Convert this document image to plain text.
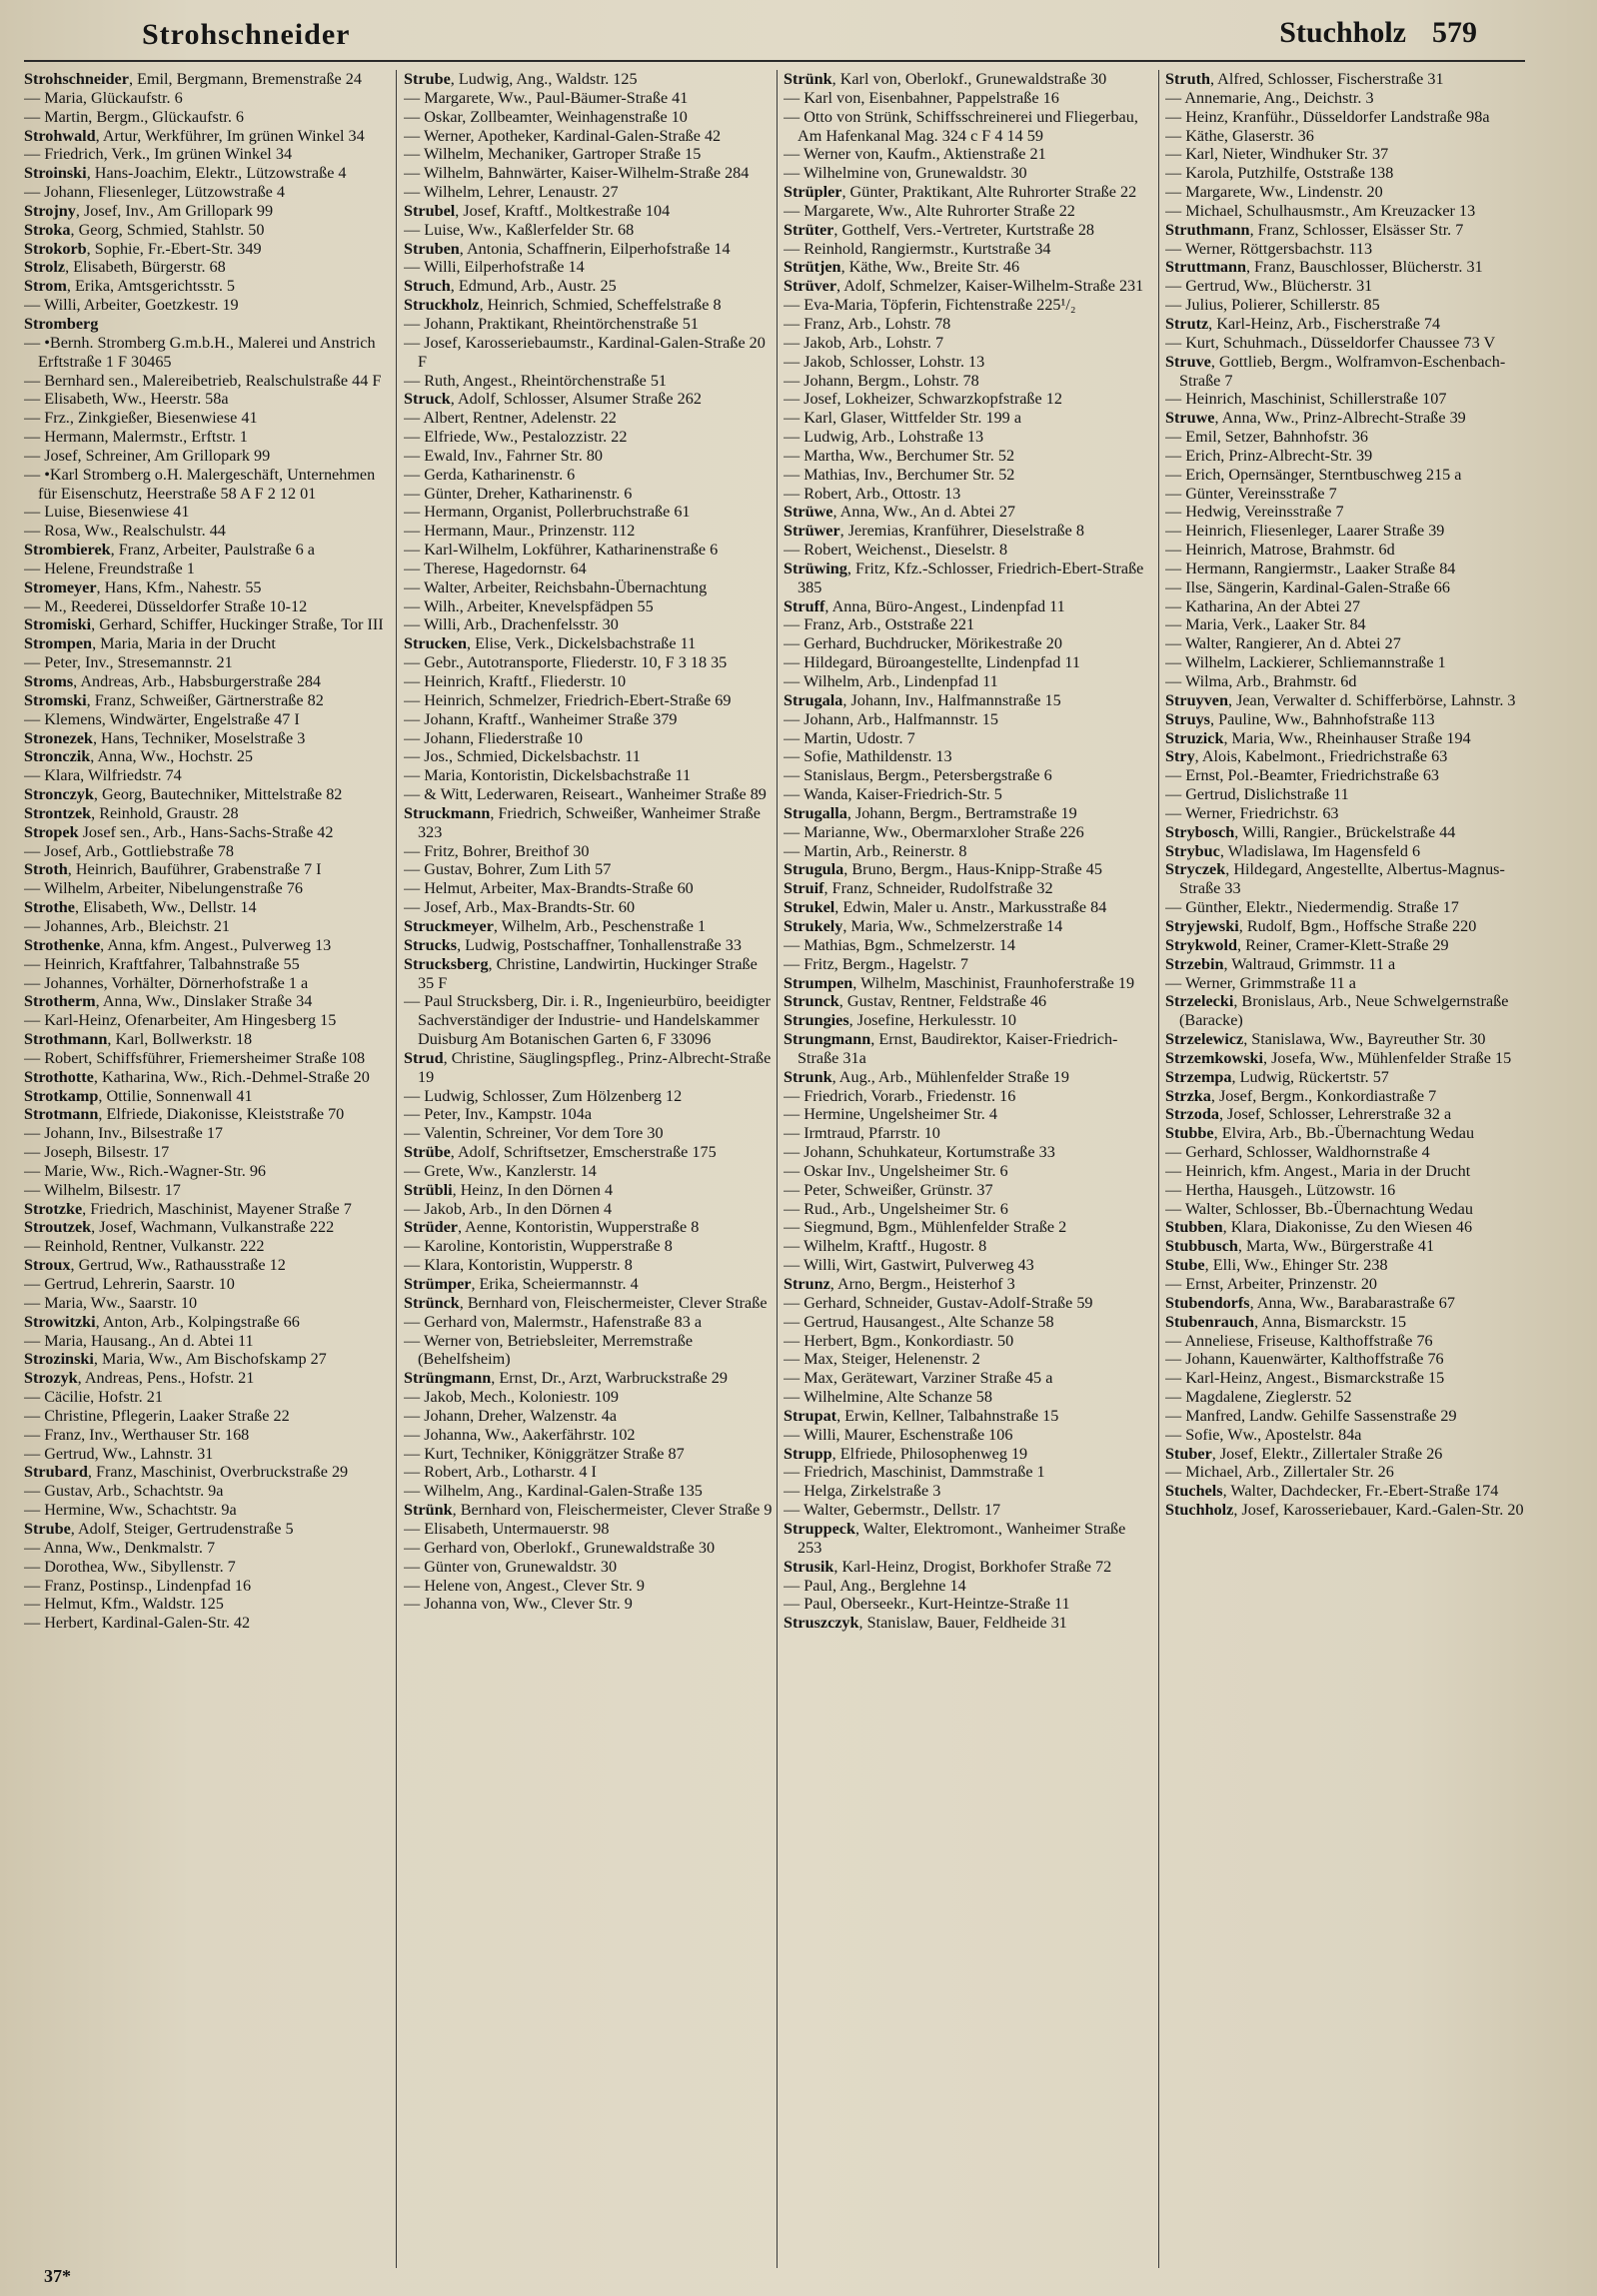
Strohschneider	Stuchholz 579

Strohschneider, Emil, Bergmann, Bremenstraße 24

— Maria, Glückaufstr. 6

— Martin, Bergm., Glückaufstr. 6

Strohwald, Artur, Werkführer, Im grünen Winkel 34

— Friedrich, Verk., Im grünen Winkel 34

Stroinski, Hans-Joachim, Elektr., Lützowstraße 4

— Johann, Fliesenleger, Lützowstraße 4

Strojny, Josef, Inv., Am Grillopark 99

Stroka, Georg, Schmied, Stahlstr. 50

Strokorb, Sophie, Fr.-Ebert-Str. 349

Strolz, Elisabeth, Bürgerstr. 68

Strom, Erika, Amtsgerichtsstr. 5

— Willi, Arbeiter, Goetzkestr. 19

Stromberg

— •Bernh. Stromberg G.m.b.H., Malerei und Anstrich Erftstraße 1 F 30465

— Bernhard sen., Malereibetrieb, Realschulstraße 44 F

— Elisabeth, Ww., Heerstr. 58a

— Frz., Zinkgießer, Biesenwiese 41

— Hermann, Malermstr., Erftstr. 1

— Josef, Schreiner, Am Grillopark 99

— •Karl Stromberg o.H. Malergeschäft, Unternehmen für Eisenschutz, Heerstraße 58 A F 2 12 01

— Luise, Biesenwiese 41

— Rosa, Ww., Realschulstr. 44

Strombierek, Franz, Arbeiter, Paulstraße 6 a

— Helene, Freundstraße 1

Stromeyer, Hans, Kfm., Nahestr. 55

— M., Reederei, Düsseldorfer Straße 10-12

Stromiski, Gerhard, Schiffer, Huckinger Straße, Tor III

Strompen, Maria, Maria in der Drucht

— Peter, Inv., Stresemannstr. 21

Stroms, Andreas, Arb., Habsburgerstraße 284

Stromski, Franz, Schweißer, Gärtnerstraße 82

— Klemens, Windwärter, Engelstraße 47 I

Stronezek, Hans, Techniker, Moselstraße 3

Stronczik, Anna, Ww., Hochstr. 25

— Klara, Wilfriedstr. 74

Stronczyk, Georg, Bautechniker, Mittelstraße 82

Strontzek, Reinhold, Graustr. 28

Stropek Josef sen., Arb., Hans-Sachs-Straße 42

— Josef, Arb., Gottliebstraße 78

Stroth, Heinrich, Bauführer, Grabenstraße 7 I

— Wilhelm, Arbeiter, Nibelungenstraße 76

Strothe, Elisabeth, Ww., Dellstr. 14

— Johannes, Arb., Bleichstr. 21

Strothenke, Anna, kfm. Angest., Pulverweg 13

— Heinrich, Kraftfahrer, Talbahnstraße 55

— Johannes, Vorhälter, Dörnerhofstraße 1 a

Strotherm, Anna, Ww., Dinslaker Straße 34

— Karl-Heinz, Ofenarbeiter, Am Hingesberg 15

Strothmann, Karl, Bollwerkstr. 18

— Robert, Schiffsführer, Friemersheimer Straße 108

Strothotte, Katharina, Ww., Rich.-Dehmel-Straße 20

Strotkamp, Ottilie, Sonnenwall 41

Strotmann, Elfriede, Diakonisse, Kleiststraße 70

— Johann, Inv., Bilsestraße 17

— Joseph, Bilsestr. 17

— Marie, Ww., Rich.-Wagner-Str. 96

— Wilhelm, Bilsestr. 17

Strotzke, Friedrich, Maschinist, Mayener Straße 7

Stroutzek, Josef, Wachmann, Vulkanstraße 222

— Reinhold, Rentner, Vulkanstr. 222

Stroux, Gertrud, Ww., Rathausstraße 12

— Gertrud, Lehrerin, Saarstr. 10

— Maria, Ww., Saarstr. 10

Strowitzki, Anton, Arb., Kolpingstraße 66

— Maria, Hausang., An d. Abtei 11

Strozinski, Maria, Ww., Am Bischofskamp 27

Strozyk, Andreas, Pens., Hofstr. 21

— Cäcilie, Hofstr. 21

— Christine, Pflegerin, Laaker Straße 22

— Franz, Inv., Werthauser Str. 168

— Gertrud, Ww., Lahnstr. 31

Strubard, Franz, Maschinist, Overbruckstraße 29

— Gustav, Arb., Schachtstr. 9a

— Hermine, Ww., Schachtstr. 9a

Strube, Adolf, Steiger, Gertrudenstraße 5

— Anna, Ww., Denkmalstr. 7

— Dorothea, Ww., Sibyllenstr. 7

— Franz, Postinsp., Lindenpfad 16

— Helmut, Kfm., Waldstr. 125

— Herbert, Kardinal-Galen-Str. 42

Strube, Ludwig, Ang., Waldstr. 125

— Margarete, Ww., Paul-Bäumer-Straße 41

— Oskar, Zollbeamter, Weinhagenstraße 10

— Werner, Apotheker, Kardinal-Galen-Straße 42

— Wilhelm, Mechaniker, Gartroper Straße 15

— Wilhelm, Bahnwärter, Kaiser-Wilhelm-Straße 284

— Wilhelm, Lehrer, Lenaustr. 27

Strubel, Josef, Kraftf., Moltkestraße 104

— Luise, Ww., Kaßlerfelder Str. 68

Struben, Antonia, Schaffnerin, Eilperhofstraße 14

— Willi, Eilperhofstraße 14

Struch, Edmund, Arb., Austr. 25

Struckholz, Heinrich, Schmied, Scheffelstraße 8

— Johann, Praktikant, Rheintörchenstraße 51

— Josef, Karosseriebaumstr., Kardinal-Galen-Straße 20 F

— Ruth, Angest., Rheintörchenstraße 51

Struck, Adolf, Schlosser, Alsumer Straße 262

— Albert, Rentner, Adelenstr. 22

— Elfriede, Ww., Pestalozzistr. 22

— Ewald, Inv., Fahrner Str. 80

— Gerda, Katharinenstr. 6

— Günter, Dreher, Katharinenstr. 6

— Hermann, Organist, Pollerbruchstraße 61

— Hermann, Maur., Prinzenstr. 112

— Karl-Wilhelm, Lokführer, Katharinenstraße 6

— Therese, Hagedornstr. 64

— Walter, Arbeiter, Reichsbahn-Übernachtung

— Wilh., Arbeiter, Knevelspfädpen 55

— Willi, Arb., Drachenfelsstr. 30

Strucken, Elise, Verk., Dickelsbachstraße 11

— Gebr., Autotransporte, Fliederstr. 10, F 3 18 35

— Heinrich, Kraftf., Fliederstr. 10

— Heinrich, Schmelzer, Friedrich-Ebert-Straße 69

— Johann, Kraftf., Wanheimer Straße 379

— Johann, Fliederstraße 10

— Jos., Schmied, Dickelsbachstr. 11

— Maria, Kontoristin, Dickelsbachstraße 11

— & Witt, Lederwaren, Reiseart., Wanheimer Straße 89

Struckmann, Friedrich, Schweißer, Wanheimer Straße 323

— Fritz, Bohrer, Breithof 30

— Gustav, Bohrer, Zum Lith 57

— Helmut, Arbeiter, Max-Brandts-Straße 60

— Josef, Arb., Max-Brandts-Str. 60

Struckmeyer, Wilhelm, Arb., Peschenstraße 1

Strucks, Ludwig, Postschaffner, Tonhallenstraße 33

Strucksberg, Christine, Landwirtin, Huckinger Straße 35 F

— Paul Strucksberg, Dir. i. R., Ingenieurbüro, beeidigter Sachverständiger der Industrie- und Handelskammer Duisburg Am Botanischen Garten 6, F 33096

Strud, Christine, Säuglingspfleg., Prinz-Albrecht-Straße 19

— Ludwig, Schlosser, Zum Hölzenberg 12

— Peter, Inv., Kampstr. 104a

— Valentin, Schreiner, Vor dem Tore 30

Strübe, Adolf, Schriftsetzer, Emscherstraße 175

— Grete, Ww., Kanzlerstr. 14

Strübli, Heinz, In den Dörnen 4

— Jakob, Arb., In den Dörnen 4

Strüder, Aenne, Kontoristin, Wupperstraße 8

— Karoline, Kontoristin, Wupperstraße 8

— Klara, Kontoristin, Wupperstr. 8

Strümper, Erika, Scheiermannstr. 4

Strünck, Bernhard von, Fleischermeister, Clever Straße

— Gerhard von, Malermstr., Hafenstraße 83 a

— Werner von, Betriebsleiter, Merremstraße (Behelfsheim)

Strüngmann, Ernst, Dr., Arzt, Warbruckstraße 29

— Jakob, Mech., Koloniestr. 109

— Johann, Dreher, Walzenstr. 4a

— Johanna, Ww., Aakerfährstr. 102

— Kurt, Techniker, Königgrätzer Straße 87

— Robert, Arb., Lotharstr. 4 I

— Wilhelm, Ang., Kardinal-Galen-Straße 135

Strünk, Bernhard von, Fleischermeister, Clever Straße 9

— Elisabeth, Untermauerstr. 98

— Gerhard von, Oberlokf., Grunewaldstraße 30

— Günter von, Grunewaldstr. 30

— Helene von, Angest., Clever Str. 9

— Johanna von, Ww., Clever Str. 9

Strünk, Karl von, Oberlokf., Grunewaldstraße 30

— Karl von, Eisenbahner, Pappelstraße 16

— Otto von Strünk, Schiffsschreinerei und Fliegerbau, Am Hafenkanal Mag. 324 c F 4 14 59

— Werner von, Kaufm., Aktienstraße 21

— Wilhelmine von, Grunewaldstr. 30

Strüpler, Günter, Praktikant, Alte Ruhrorter Straße 22

— Margarete, Ww., Alte Ruhrorter Straße 22

Strüter, Gotthelf, Vers.-Vertreter, Kurtstraße 28

— Reinhold, Rangiermstr., Kurtstraße 34

Strütjen, Käthe, Ww., Breite Str. 46

Strüver, Adolf, Schmelzer, Kaiser-Wilhelm-Straße 231

— Eva-Maria, Töpferin, Fichtenstraße 225¹/₂

— Franz, Arb., Lohstr. 78

— Jakob, Arb., Lohstr. 7

— Jakob, Schlosser, Lohstr. 13

— Johann, Bergm., Lohstr. 78

— Josef, Lokheizer, Schwarzkopfstraße 12

— Karl, Glaser, Wittfelder Str. 199 a

— Ludwig, Arb., Lohstraße 13

— Martha, Ww., Berchumer Str. 52

— Mathias, Inv., Berchumer Str. 52

— Robert, Arb., Ottostr. 13

Strüwe, Anna, Ww., An d. Abtei 27

Strüwer, Jeremias, Kranführer, Dieselstraße 8

— Robert, Weichenst., Dieselstr. 8

Strüwing, Fritz, Kfz.-Schlosser, Friedrich-Ebert-Straße 385

Struff, Anna, Büro-Angest., Lindenpfad 11

— Franz, Arb., Oststraße 221

— Gerhard, Buchdrucker, Mörikestraße 20

— Hildegard, Büroangestellte, Lindenpfad 11

— Wilhelm, Arb., Lindenpfad 11

Strugala, Johann, Inv., Halfmannstraße 15

— Johann, Arb., Halfmannstr. 15

— Martin, Udostr. 7

— Sofie, Mathildenstr. 13

— Stanislaus, Bergm., Petersbergstraße 6

— Wanda, Kaiser-Friedrich-Str. 5

Strugalla, Johann, Bergm., Bertramstraße 19

— Marianne, Ww., Obermarxloher Straße 226

— Martin, Arb., Reinerstr. 8

Strugula, Bruno, Bergm., Haus-Knipp-Straße 45

Struif, Franz, Schneider, Rudolfstraße 32

Strukel, Edwin, Maler u. Anstr., Markusstraße 84

Strukely, Maria, Ww., Schmelzerstraße 14

— Mathias, Bgm., Schmelzerstr. 14

— Fritz, Bergm., Hagelstr. 7

Strumpen, Wilhelm, Maschinist, Fraunhoferstraße 19

Strunck, Gustav, Rentner, Feldstraße 46

Strungies, Josefine, Herkulesstr. 10

Strungmann, Ernst, Baudirektor, Kaiser-Friedrich-Straße 31a

Strunk, Aug., Arb., Mühlenfelder Straße 19

— Friedrich, Vorarb., Friedenstr. 16

— Hermine, Ungelsheimer Str. 4

— Irmtraud, Pfarrstr. 10

— Johann, Schuhkateur, Kortumstraße 33

— Oskar Inv., Ungelsheimer Str. 6

— Peter, Schweißer, Grünstr. 37

— Rud., Arb., Ungelsheimer Str. 6

— Siegmund, Bgm., Mühlenfelder Straße 2

— Wilhelm, Kraftf., Hugostr. 8

— Willi, Wirt, Gastwirt, Pulverweg 43

Strunz, Arno, Bergm., Heisterhof 3

— Gerhard, Schneider, Gustav-Adolf-Straße 59

— Gertrud, Hausangest., Alte Schanze 58

— Herbert, Bgm., Konkordiastr. 50

— Max, Steiger, Helenenstr. 2

— Max, Gerätewart, Varziner Straße 45 a

— Wilhelmine, Alte Schanze 58

Strupat, Erwin, Kellner, Talbahnstraße 15

— Willi, Maurer, Eschenstraße 106

Strupp, Elfriede, Philosophenweg 19

— Friedrich, Maschinist, Dammstraße 1

— Helga, Zirkelstraße 3

— Walter, Gebermstr., Dellstr. 17

Struppeck, Walter, Elektromont., Wanheimer Straße 253

Strusik, Karl-Heinz, Drogist, Borkhofer Straße 72

— Paul, Ang., Berglehne 14

— Paul, Oberseekr., Kurt-Heintze-Straße 11

Struszczyk, Stanislaw, Bauer, Feldheide 31

Struth, Alfred, Schlosser, Fischerstraße 31

— Annemarie, Ang., Deichstr. 3

— Heinz, Kranführ., Düsseldorfer Landstraße 98a

— Käthe, Glaserstr. 36

— Karl, Nieter, Windhuker Str. 37

— Karola, Putzhilfe, Oststraße 138

— Margarete, Ww., Lindenstr. 20

— Michael, Schulhausmstr., Am Kreuzacker 13

Struthmann, Franz, Schlosser, Elsässer Str. 7

— Werner, Röttgersbachstr. 113

Struttmann, Franz, Bauschlosser, Blücherstr. 31

— Gertrud, Ww., Blücherstr. 31

— Julius, Polierer, Schillerstr. 85

Strutz, Karl-Heinz, Arb., Fischerstraße 74

— Kurt, Schuhmach., Düsseldorfer Chaussee 73 V

Struve, Gottlieb, Bergm., Wolframvon-Eschenbach-Straße 7

— Heinrich, Maschinist, Schillerstraße 107

Struwe, Anna, Ww., Prinz-Albrecht-Straße 39

— Emil, Setzer, Bahnhofstr. 36

— Erich, Prinz-Albrecht-Str. 39

— Erich, Opernsänger, Sterntbuschweg 215 a

— Günter, Vereinsstraße 7

— Hedwig, Vereinsstraße 7

— Heinrich, Fliesenleger, Laarer Straße 39

— Heinrich, Matrose, Brahmstr. 6d

— Hermann, Rangiermstr., Laaker Straße 84

— Ilse, Sängerin, Kardinal-Galen-Straße 66

— Katharina, An der Abtei 27

— Maria, Verk., Laaker Str. 84

— Walter, Rangierer, An d. Abtei 27

— Wilhelm, Lackierer, Schliemannstraße 1

— Wilma, Arb., Brahmstr. 6d

Struyven, Jean, Verwalter d. Schifferbörse, Lahnstr. 3

Struys, Pauline, Ww., Bahnhofstraße 113

Struzick, Maria, Ww., Rheinhauser Straße 194

Stry, Alois, Kabelmont., Friedrichstraße 63

— Ernst, Pol.-Beamter, Friedrichstraße 63

— Gertrud, Dislichstraße 11

— Werner, Friedrichstr. 63

Strybosch, Willi, Rangier., Brückelstraße 44

Strybuc, Wladislawa, Im Hagensfeld 6

Stryczek, Hildegard, Angestellte, Albertus-Magnus-Straße 33

— Günther, Elektr., Niedermendig. Straße 17

Stryjewski, Rudolf, Bgm., Hoffsche Straße 220

Strykwold, Reiner, Cramer-Klett-Straße 29

Strzebin, Waltraud, Grimmstr. 11 a

— Werner, Grimmstraße 11 a

Strzelecki, Bronislaus, Arb., Neue Schwelgernstraße (Baracke)

Strzelewicz, Stanislawa, Ww., Bayreuther Str. 30

Strzemkowski, Josefa, Ww., Mühlenfelder Straße 15

Strzempa, Ludwig, Rückertstr. 57

Strzka, Josef, Bergm., Konkordiastraße 7

Strzoda, Josef, Schlosser, Lehrerstraße 32 a

Stubbe, Elvira, Arb., Bb.-Übernachtung Wedau

— Gerhard, Schlosser, Waldhornstraße 4

— Heinrich, kfm. Angest., Maria in der Drucht

— Hertha, Hausgeh., Lützowstr. 16

— Walter, Schlosser, Bb.-Übernachtung Wedau

Stubben, Klara, Diakonisse, Zu den Wiesen 46

Stubbusch, Marta, Ww., Bürgerstraße 41

Stube, Elli, Ww., Ehinger Str. 238

— Ernst, Arbeiter, Prinzenstr. 20

Stubendorfs, Anna, Ww., Barabarastraße 67

Stubenrauch, Anna, Bismarckstr. 15

— Anneliese, Friseuse, Kalthoffstraße 76

— Johann, Kauenwärter, Kalthoffstraße 76

— Karl-Heinz, Angest., Bismarckstraße 15

— Magdalene, Zieglerstr. 52

— Manfred, Landw. Gehilfe Sassenstraße 29

— Sofie, Ww., Apostelstr. 84a

Stuber, Josef, Elektr., Zillertaler Straße 26

— Michael, Arb., Zillertaler Str. 26

Stuchels, Walter, Dachdecker, Fr.-Ebert-Straße 174

Stuchholz, Josef, Karosseriebauer, Kard.-Galen-Str. 20

37*
